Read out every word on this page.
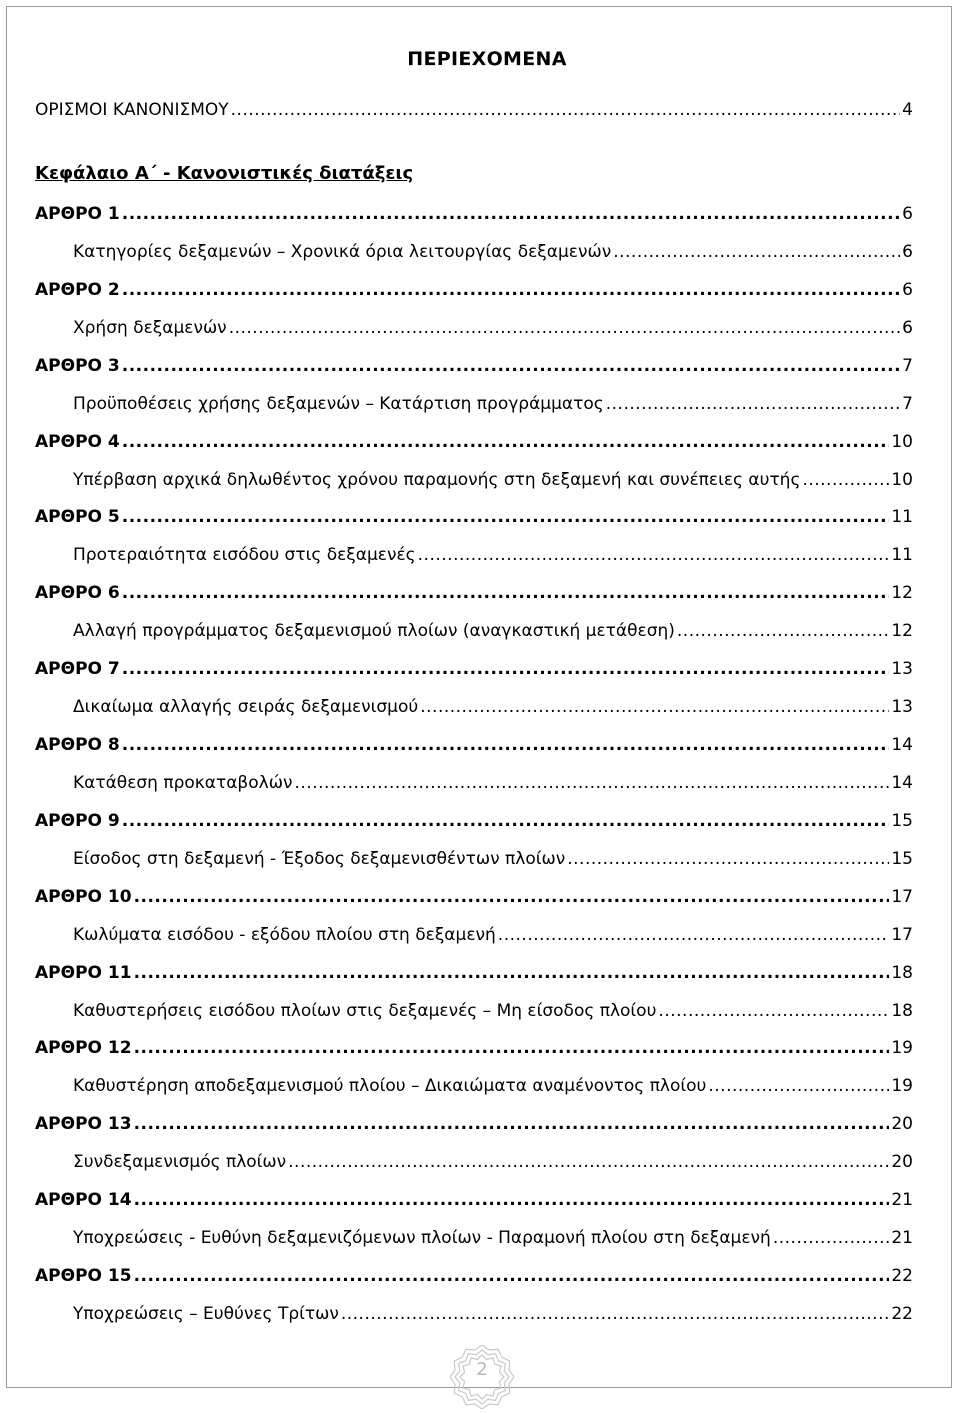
ΠΕΡΙΕΧΟΜΕΝΑ
ΟΡΙΣΜΟΙ ΚΑΝΟΝΙΣΜΟΥ .....	4
Κεφάλαιο Α΄ - Κανονιστικές διατάξεις
ΑΡΘΡΟ 1 .....	6
Κατηγορίες δεξαμενών – Χρονικά όρια λειτουργίας δεξαμενών .....	6
ΑΡΘΡΟ 2 .....	6
Χρήση δεξαμενών .....	6
ΑΡΘΡΟ 3 .....	7
Προϋποθέσεις χρήσης δεξαμενών – Κατάρτιση προγράμματος .....	7
ΑΡΘΡΟ 4 .....	10
Υπέρβαση αρχικά δηλωθέντος χρόνου παραμονής στη δεξαμενή και συνέπειες αυτής .....	10
ΑΡΘΡΟ 5 .....	11
Προτεραιότητα εισόδου στις δεξαμενές .....	11
ΑΡΘΡΟ 6 .....	12
Αλλαγή προγράμματος δεξαμενισμού πλοίων (αναγκαστική μετάθεση) .....	12
ΑΡΘΡΟ 7 .....	13
Δικαίωμα αλλαγής σειράς δεξαμενισμού .....	13
ΑΡΘΡΟ 8 .....	14
Κατάθεση προκαταβολών .....	14
ΑΡΘΡΟ 9 .....	15
Είσοδος στη δεξαμενή - Έξοδος δεξαμενισθέντων πλοίων .....	15
ΑΡΘΡΟ 10 .....	17
Κωλύματα εισόδου - εξόδου πλοίου στη δεξαμενή .....	17
ΑΡΘΡΟ 11 .....	18
Καθυστερήσεις εισόδου πλοίων στις δεξαμενές – Μη είσοδος πλοίου .....	18
ΑΡΘΡΟ 12 .....	19
Καθυστέρηση αποδεξαμενισμού πλοίου – Δικαιώματα αναμένοντος πλοίου .....	19
ΑΡΘΡΟ 13 .....	20
Συνδεξαμενισμός πλοίων .....	20
ΑΡΘΡΟ 14 .....	21
Υποχρεώσεις - Ευθύνη δεξαμενιζόμενων πλοίων - Παραμονή πλοίου στη δεξαμενή .....	21
ΑΡΘΡΟ 15 .....	22
Υποχρεώσεις – Ευθύνες Τρίτων .....	22
2
